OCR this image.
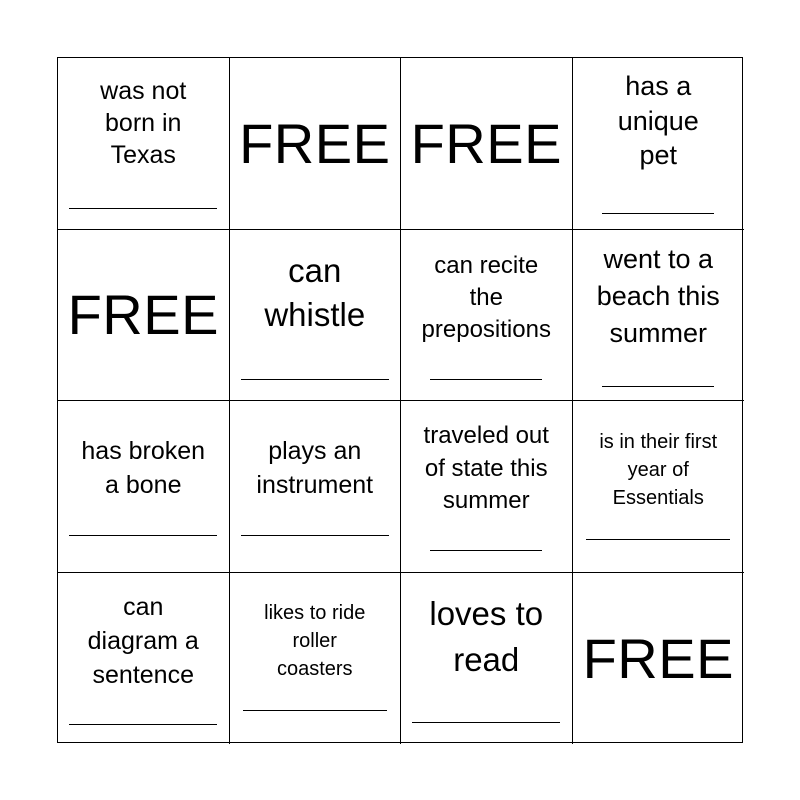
was not
born in
Texas	FREE FREE
has a
unique
pet
FREE
can
whistle
can recite
the
prepositions
went to a
beach this
summer
has broken
a bone
plays an
instrument
traveled out
of state this
summer
is in their first
year of
Essentials
can
diagram a
sentence
likes to ride
roller
coasters
loves to
read	FREE
